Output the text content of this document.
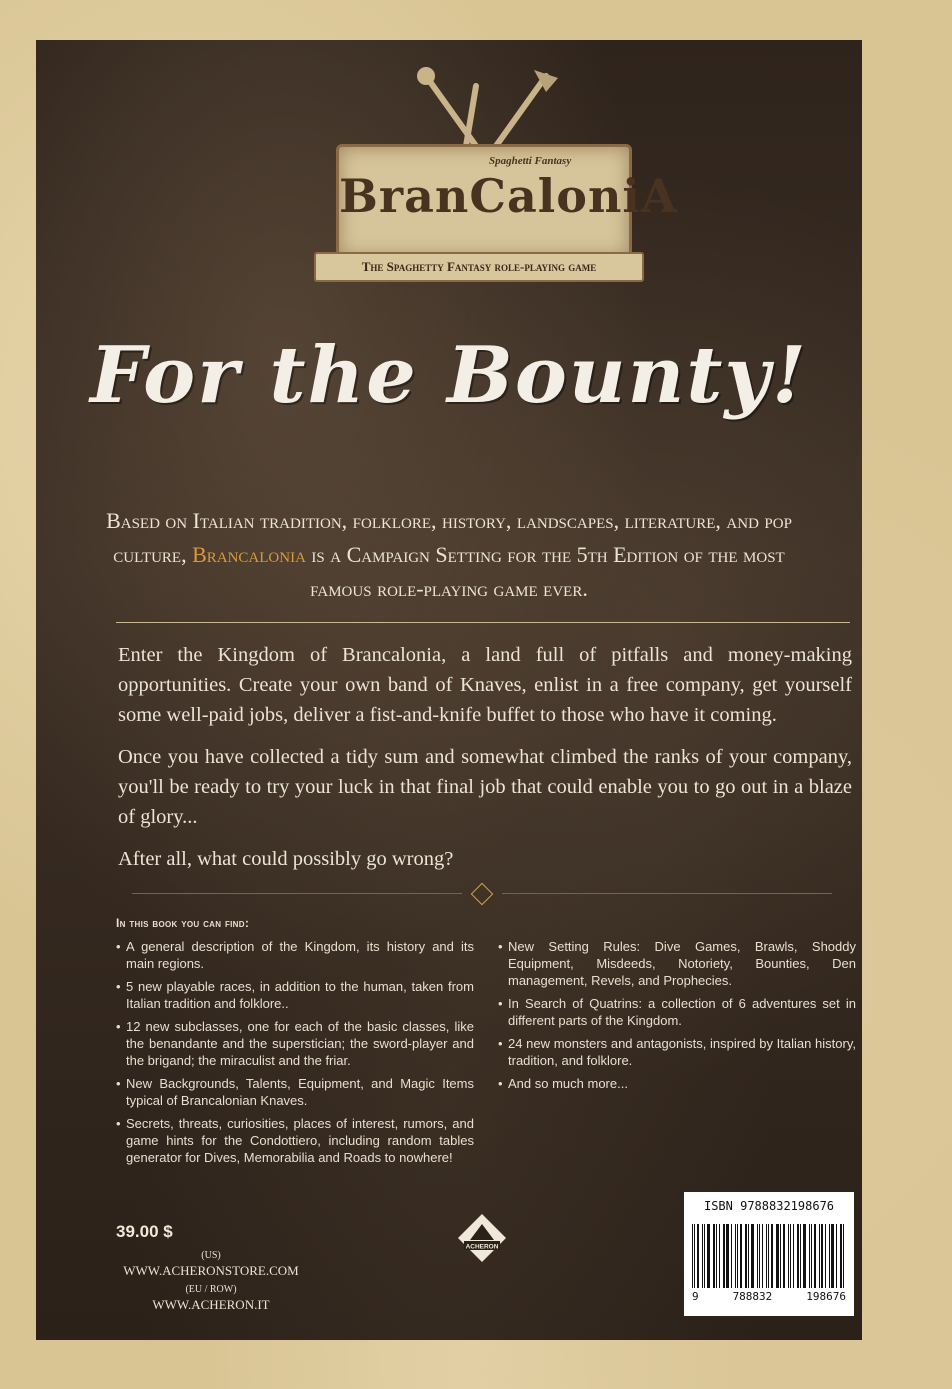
Spaghetti Fantasy
BranCaloniA
The Spaghetty Fantasy role-playing game
For the Bounty!
Based on Italian tradition, folklore, history, landscapes, literature, and pop culture, Brancalonia is a Campaign Setting for the 5th Edition of the most famous role-playing game ever.

Enter the Kingdom of Brancalonia, a land full of pitfalls and money-making opportunities. Create your own band of Knaves, enlist in a free company, get yourself some well-paid jobs, deliver a fist-and-knife buffet to those who have it coming.

Once you have collected a tidy sum and somewhat climbed the ranks of your company, you'll be ready to try your luck in that final job that could enable you to go out in a blaze of glory...

After all, what could possibly go wrong?

In this book you can find:
• A general description of the Kingdom, its history and its main regions.
• 5 new playable races, in addition to the human, taken from Italian tradition and folklore..
• 12 new subclasses, one for each of the basic classes, like the benandante and the superstician; the sword-player and the brigand; the miraculist and the friar.
• New Backgrounds, Talents, Equipment, and Magic Items typical of Brancalonian Knaves.
• Secrets, threats, curiosities, places of interest, rumors, and game hints for the Condottiero, including random tables generator for Dives, Memorabilia and Roads to nowhere!
• New Setting Rules: Dive Games, Brawls, Shoddy Equipment, Misdeeds, Notoriety, Bounties, Den management, Revels, and Prophecies.
• In Search of Quatrins: a collection of 6 adventures set in different parts of the Kingdom.
• 24 new monsters and antagonists, inspired by Italian history, tradition, and folklore.
• And so much more...
39.00 $
(US)
WWW.ACHERONSTORE.COM
(EU / ROW)
WWW.ACHERON.IT
ACHERON
ISBN 9788832198676
9	788832	198676
